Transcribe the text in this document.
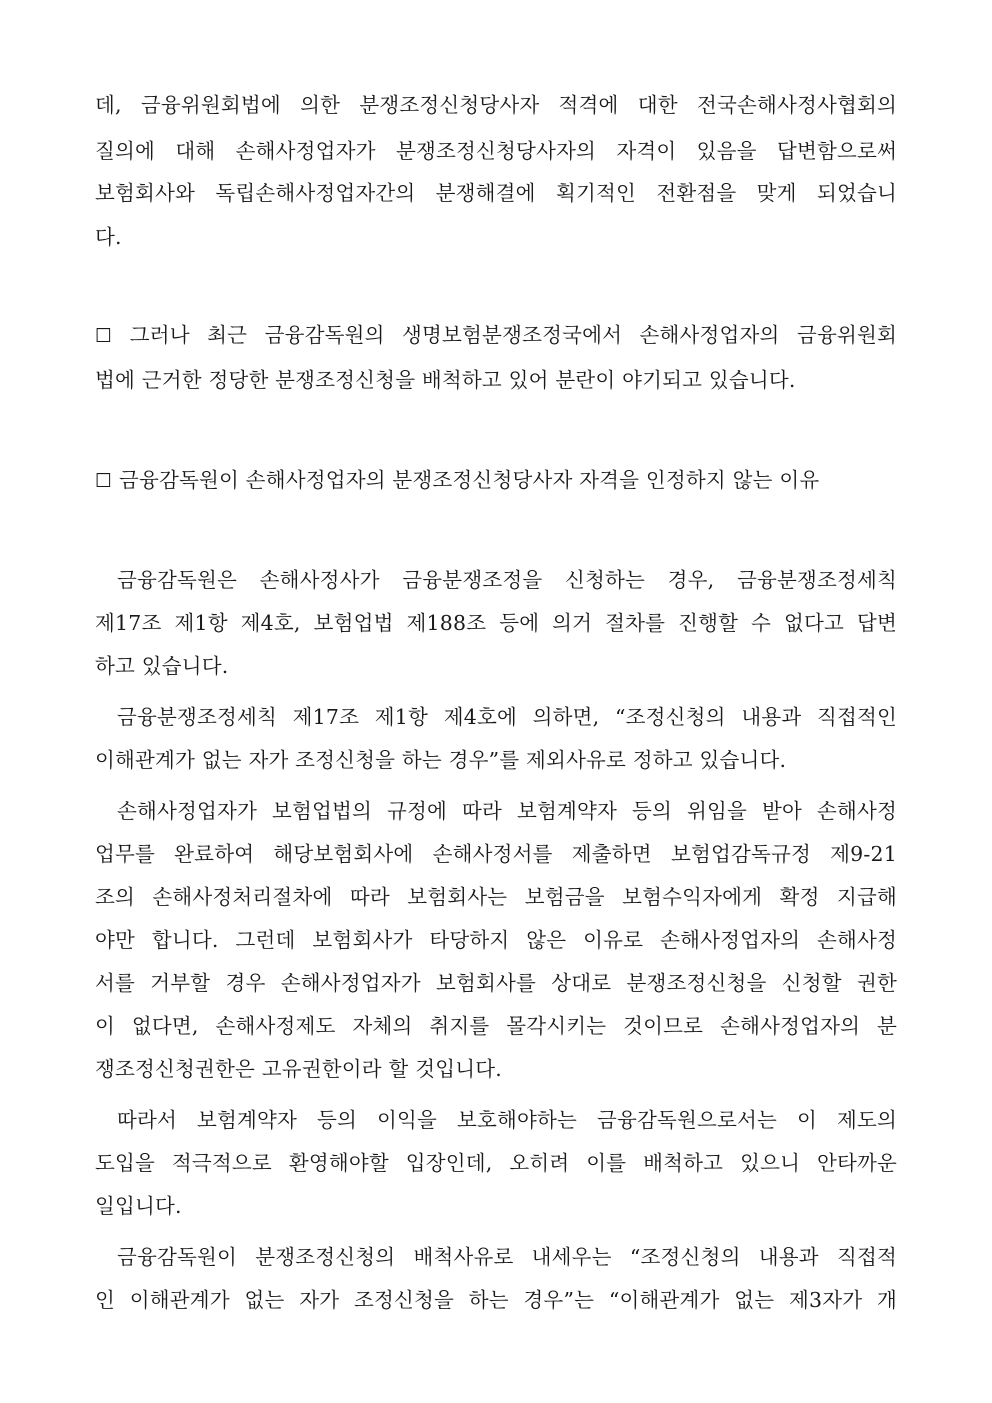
데, 금융위원회법에 의한 분쟁조정신청당사자 적격에 대한 전국손해사정사협회의
질의에 대해 손해사정업자가 분쟁조정신청당사자의 자격이 있음을 답변함으로써
보험회사와 독립손해사정업자간의 분쟁해결에 획기적인 전환점을 맞게 되었습니
다.
☐ 그러나 최근 금융감독원의 생명보험분쟁조정국에서 손해사정업자의 금융위원회
법에 근거한 정당한 분쟁조정신청을 배척하고 있어 분란이 야기되고 있습니다.
☐ 금융감독원이 손해사정업자의 분쟁조정신청당사자 자격을 인정하지 않는 이유
금융감독원은 손해사정사가 금융분쟁조정을 신청하는 경우, 금융분쟁조정세칙
제17조 제1항 제4호, 보험업법 제188조 등에 의거 절차를 진행할 수 없다고 답변
하고 있습니다.
금융분쟁조정세칙 제17조 제1항 제4호에 의하면, “조정신청의 내용과 직접적인
이해관계가 없는 자가 조정신청을 하는 경우”를 제외사유로 정하고 있습니다.
손해사정업자가 보험업법의 규정에 따라 보험계약자 등의 위임을 받아 손해사정
업무를 완료하여 해당보험회사에 손해사정서를 제출하면 보험업감독규정 제9-21
조의 손해사정처리절차에 따라 보험회사는 보험금을 보험수익자에게 확정 지급해
야만 합니다. 그런데 보험회사가 타당하지 않은 이유로 손해사정업자의 손해사정
서를 거부할 경우 손해사정업자가 보험회사를 상대로 분쟁조정신청을 신청할 권한
이 없다면, 손해사정제도 자체의 취지를 몰각시키는 것이므로 손해사정업자의 분
쟁조정신청권한은 고유권한이라 할 것입니다.
따라서 보험계약자 등의 이익을 보호해야하는 금융감독원으로서는 이 제도의
도입을 적극적으로 환영해야할 입장인데, 오히려 이를 배척하고 있으니 안타까운
일입니다.
금융감독원이 분쟁조정신청의 배척사유로 내세우는 “조정신청의 내용과 직접적
인 이해관계가 없는 자가 조정신청을 하는 경우”는 “이해관계가 없는 제3자가 개
